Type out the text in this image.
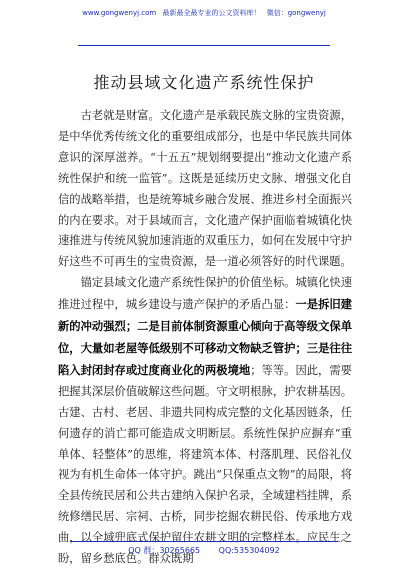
www.gongwenyj.com 最新最全最专业的公文资料库！ 微信：gongwenyj
推动县域文化遗产系统性保护

古老就是财富。文化遗产是承载民族文脉的宝贵资源，是中华优秀传统文化的重要组成部分，也是中华民族共同体意识的深厚滋养。“十五五”规划纲要提出“推动文化遗产系统性保护和统一监管”。这既是延续历史文脉、增强文化自信的战略举措，也是统筹城乡融合发展、推进乡村全面振兴的内在要求。对于县域而言，文化遗产保护面临着城镇化快速推进与传统风貌加速消逝的双重压力，如何在发展中守护好这些不可再生的宝贵资源，是一道必须答好的时代课题。

锚定县域文化遗产系统性保护的价值坐标。城镇化快速推进过程中，城乡建设与遗产保护的矛盾凸显：一是拆旧建新的冲动强烈；二是目前体制资源重心倾向于高等级文保单位，大量如老屋等低级别不可移动文物缺乏管护；三是往往陷入封闭封存或过度商业化的两极境地；等等。因此，需要把握其深层价值破解这些问题。守文明根脉，护农耕基因。古建、古村、老居、非遗共同构成完整的文化基因链条，任何遗存的消亡都可能造成文明断层。系统性保护应摒弃“重单体、轻整体”的思维，将建筑本体、村落肌理、民俗礼仪视为有机生命体一体守护。跳出“只保重点文物”的局限，将全县传统民居和公共古建纳入保护名录，全域建档挂牌，系统修缮民居、宗祠、古桥，同步挖掘农耕民俗、传承地方戏曲，以全域兜底式保护留住农耕文明的完整样本。应民生之盼，留乡愁底色。群众既期

QQ 群：30265665 QQ:535304092
